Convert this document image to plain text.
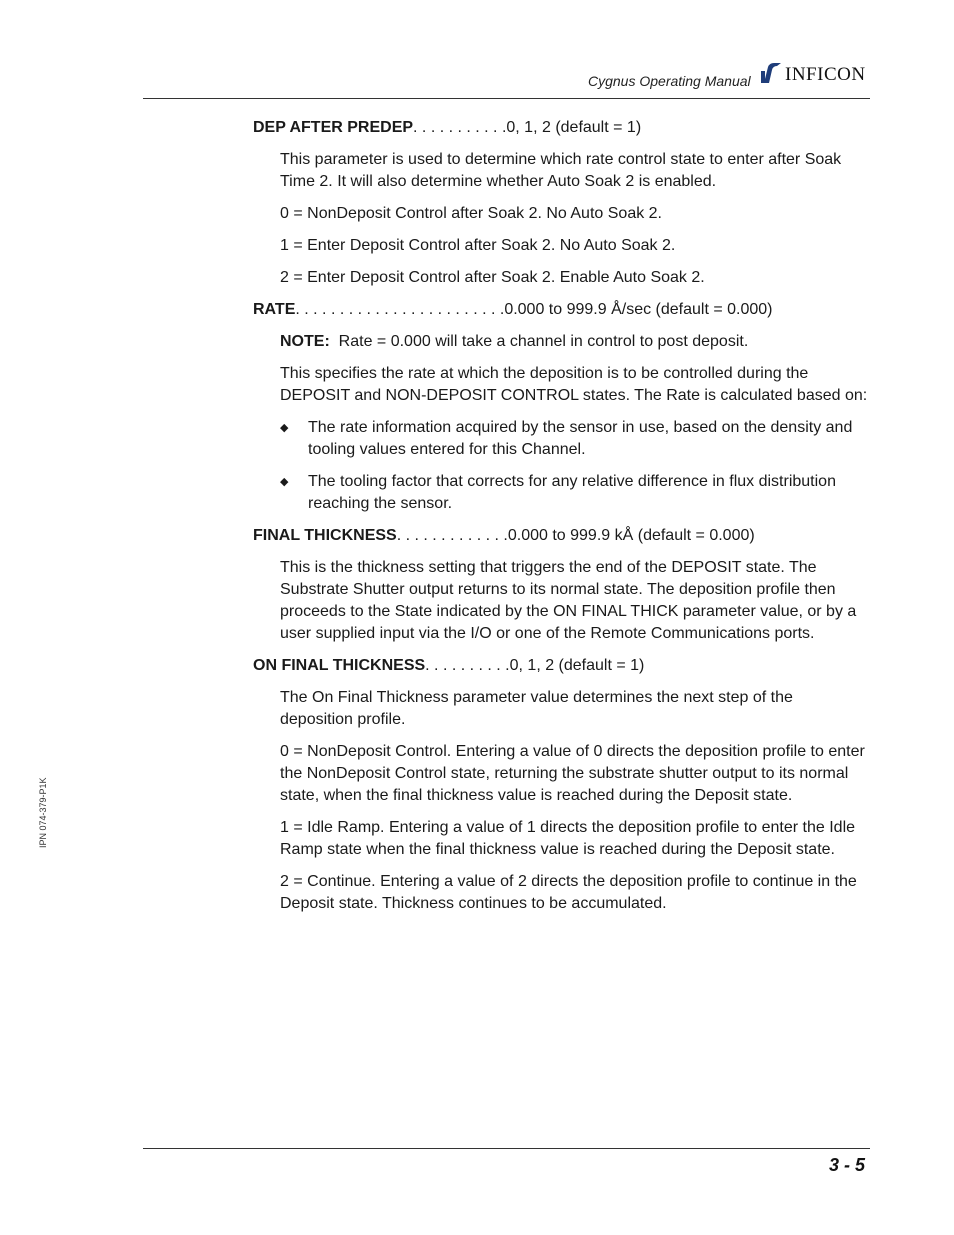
Cygnus Operating Manual INFICON
IPN 074-379-P1K
DEP AFTER PREDEP . . . . . . . . . . . 0, 1, 2 (default = 1)

This parameter is used to determine which rate control state to enter after Soak Time 2. It will also determine whether Auto Soak 2 is enabled.

0 = NonDeposit Control after Soak 2. No Auto Soak 2.

1 = Enter Deposit Control after Soak 2. No Auto Soak 2.

2 = Enter Deposit Control after Soak 2. Enable Auto Soak 2.

RATE . . . . . . . . . . . . . . . . . . . . . . . . 0.000 to 999.9 Å/sec (default = 0.000)

NOTE: Rate = 0.000 will take a channel in control to post deposit.

This specifies the rate at which the deposition is to be controlled during the DEPOSIT and NON-DEPOSIT CONTROL states. The Rate is calculated based on:

◆ The rate information acquired by the sensor in use, based on the density and tooling values entered for this Channel.
◆ The tooling factor that corrects for any relative difference in flux distribution reaching the sensor.
FINAL THICKNESS . . . . . . . . . . . . . 0.000 to 999.9 kÅ (default = 0.000)

This is the thickness setting that triggers the end of the DEPOSIT state. The Substrate Shutter output returns to its normal state. The deposition profile then proceeds to the State indicated by the ON FINAL THICK parameter value, or by a user supplied input via the I/O or one of the Remote Communications ports.

ON FINAL THICKNESS . . . . . . . . . . 0, 1, 2 (default = 1)

The On Final Thickness parameter value determines the next step of the deposition profile.

0 = NonDeposit Control. Entering a value of 0 directs the deposition profile to enter the NonDeposit Control state, returning the substrate shutter output to its normal state, when the final thickness value is reached during the Deposit state.

1 = Idle Ramp. Entering a value of 1 directs the deposition profile to enter the Idle Ramp state when the final thickness value is reached during the Deposit state.

2 = Continue. Entering a value of 2 directs the deposition profile to continue in the Deposit state. Thickness continues to be accumulated.

3 - 5
